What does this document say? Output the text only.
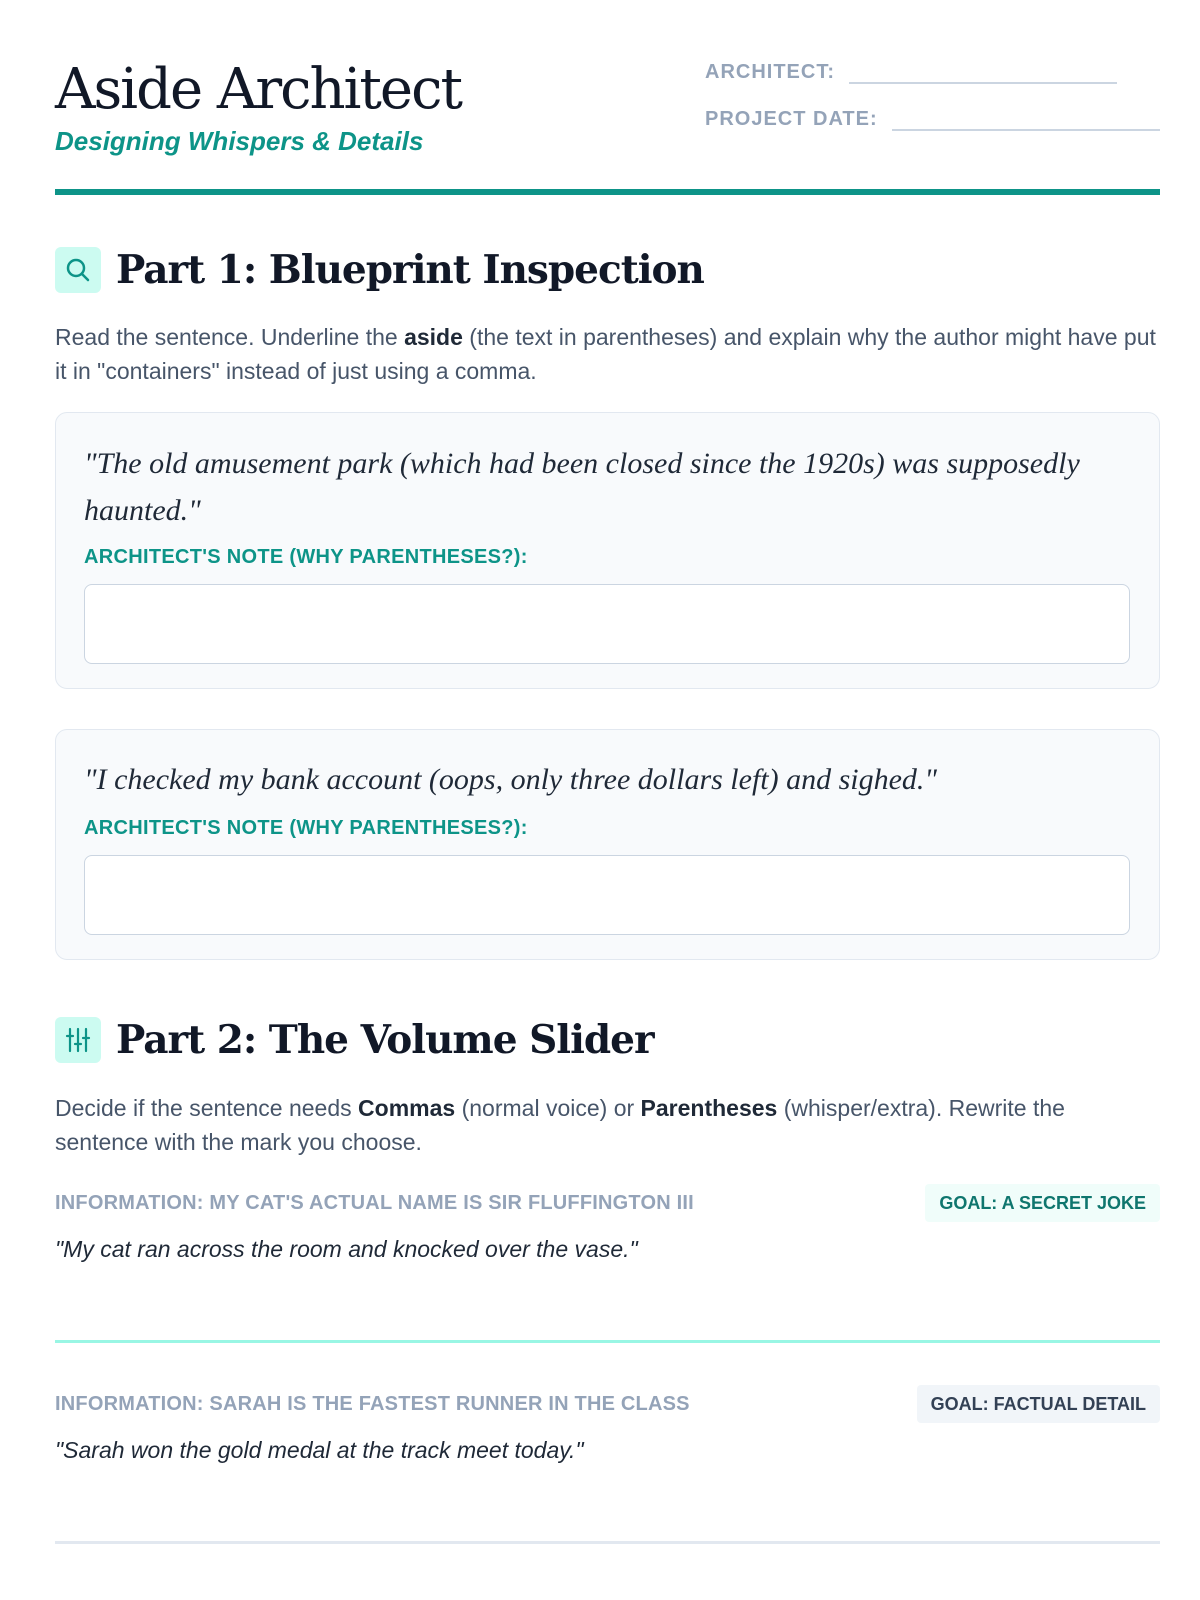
Aside Architect
Designing Whispers & Details
ARCHITECT:
PROJECT DATE:
Part 1: Blueprint Inspection

Read the sentence. Underline the aside (the text in parentheses) and explain why the author might have put it in "containers" instead of just using a comma.

"The old amusement park (which had been closed since the 1920s) was supposedly haunted."
ARCHITECT'S NOTE (WHY PARENTHESES?):
"I checked my bank account (oops, only three dollars left) and sighed."
ARCHITECT'S NOTE (WHY PARENTHESES?):
Part 2: The Volume Slider

Decide if the sentence needs Commas (normal voice) or Parentheses (whisper/extra). Rewrite the sentence with the mark you choose.

INFORMATION: MY CAT'S ACTUAL NAME IS SIR FLUFFINGTON III	GOAL: A SECRET JOKE
"My cat ran across the room and knocked over the vase."
INFORMATION: SARAH IS THE FASTEST RUNNER IN THE CLASS	GOAL: FACTUAL DETAIL
"Sarah won the gold medal at the track meet today."
